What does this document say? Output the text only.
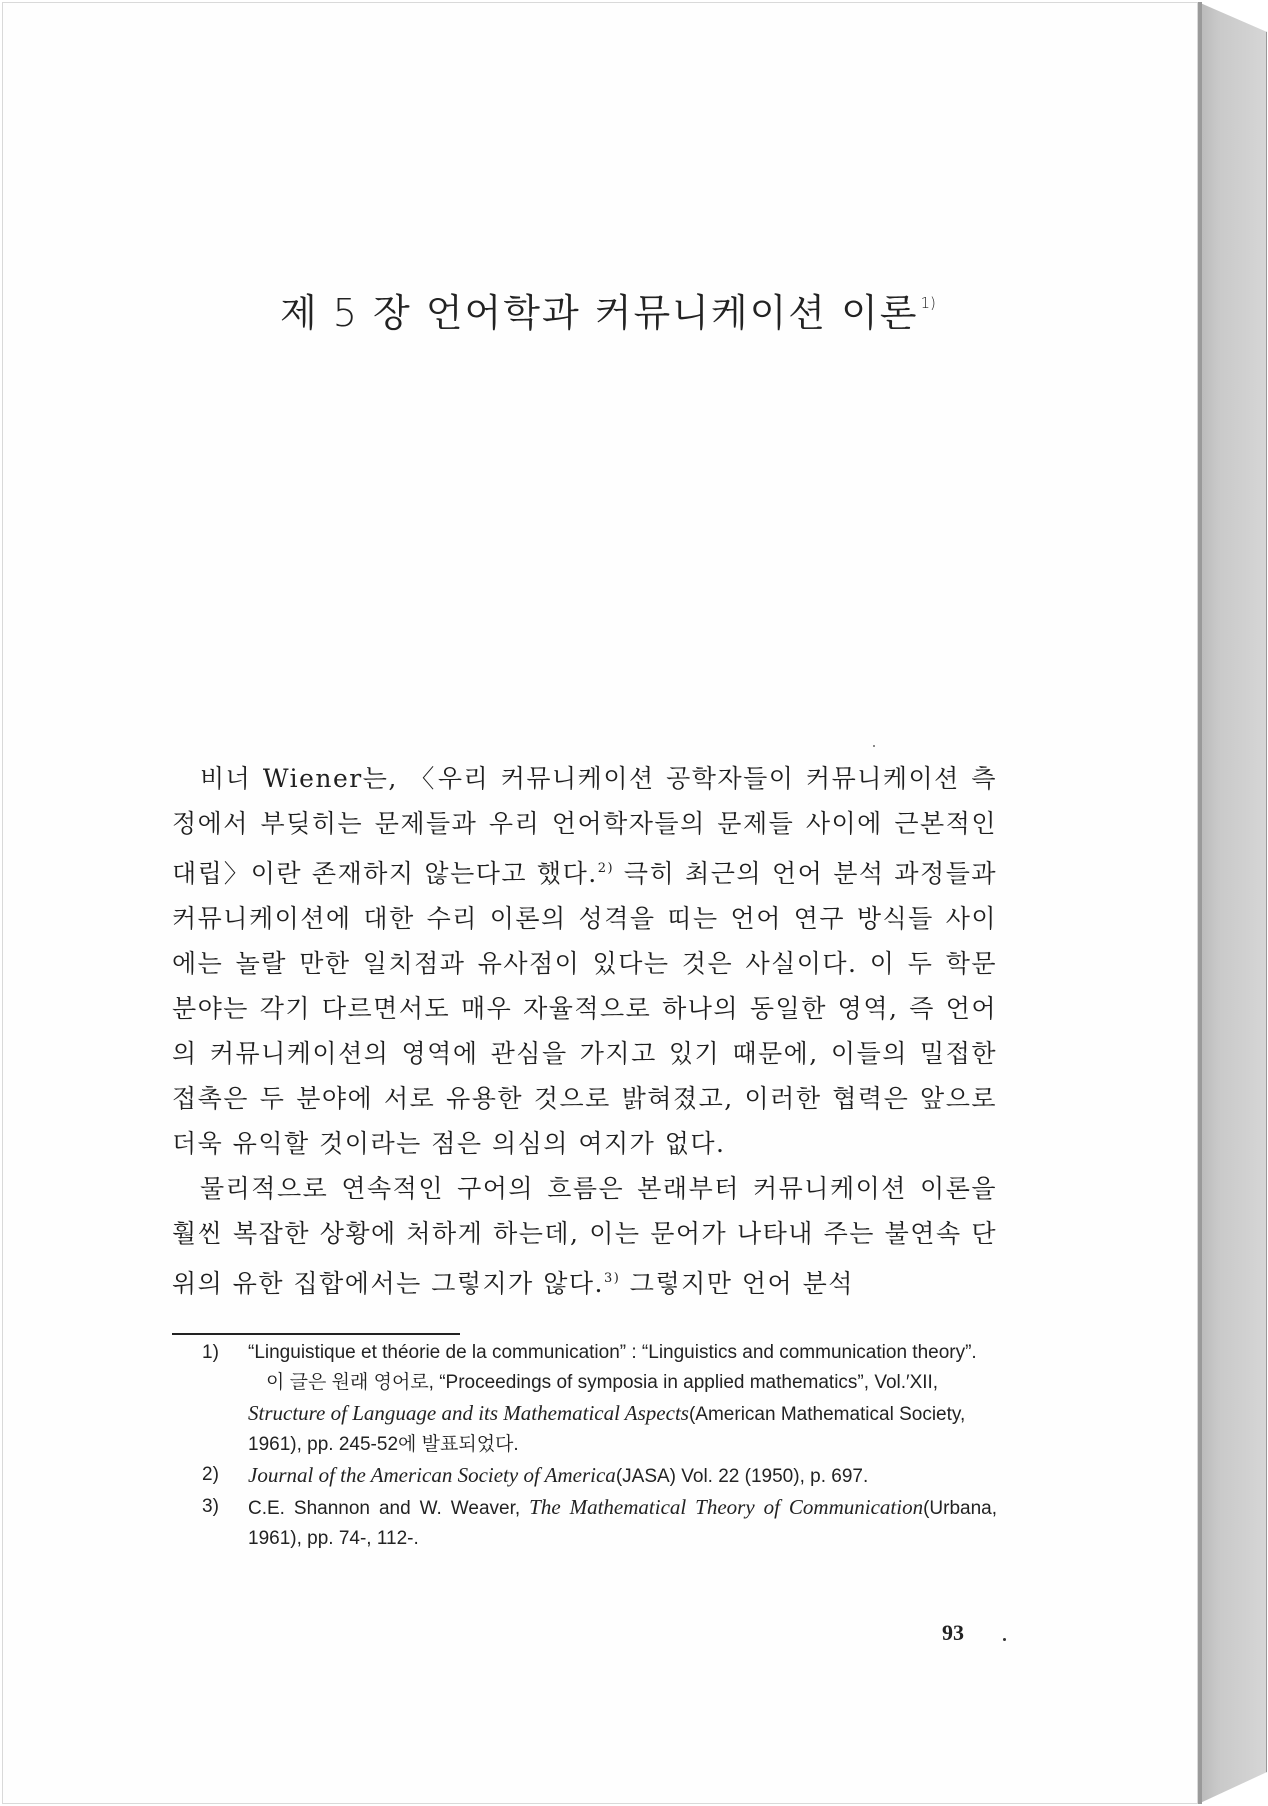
제 5 장 언어학과 커뮤니케이션 이론 $^{1)}$

비너 Wiener는, 〈우리 커뮤니케이션 공학자들이 커뮤니케이션 측정에서 부딪히는 문제들과 우리 언어학자들의 문제들 사이에 근본적인 대립〉이란 존재하지 않는다고 했다.$^{2)}$ 극히 최근의 언어 분석 과정들과 커뮤니케이션에 대한 수리 이론의 성격을 띠는 언어 연구 방식들 사이에는 놀랄 만한 일치점과 유사점이 있다는 것은 사실이다. 이 두 학문 분야는 각기 다르면서도 매우 자율적으로 하나의 동일한 영역, 즉 언어의 커뮤니케이션의 영역에 관심을 가지고 있기 때문에, 이들의 밀접한 접촉은 두 분야에 서로 유용한 것으로 밝혀졌고, 이러한 협력은 앞으로 더욱 유익할 것이라는 점은 의심의 여지가 없다.

물리적으로 연속적인 구어의 흐름은 본래부터 커뮤니케이션 이론을 훨씬 복잡한 상황에 처하게 하는데, 이는 문어가 나타내 주는 불연속 단위의 유한 집합에서는 그렇지가 않다.$^{3)}$ 그렇지만 언어 분석

1)	“Linguistique et théorie de la communication” : “Linguistics and communication theory”.
이 글은 원래 영어로, “Proceedings of symposia in applied mathematics”, Vol.′XII, Structure of Language and its Mathematical Aspects(American Mathematical Society, 1961), pp. 245-52에 발표되었다.
2)	Journal of the American Society of America(JASA) Vol. 22 (1950), p. 697.
3)	C.E. Shannon and W. Weaver, The Mathematical Theory of Communication(Urbana, 1961), pp. 74-, 112-.
93
